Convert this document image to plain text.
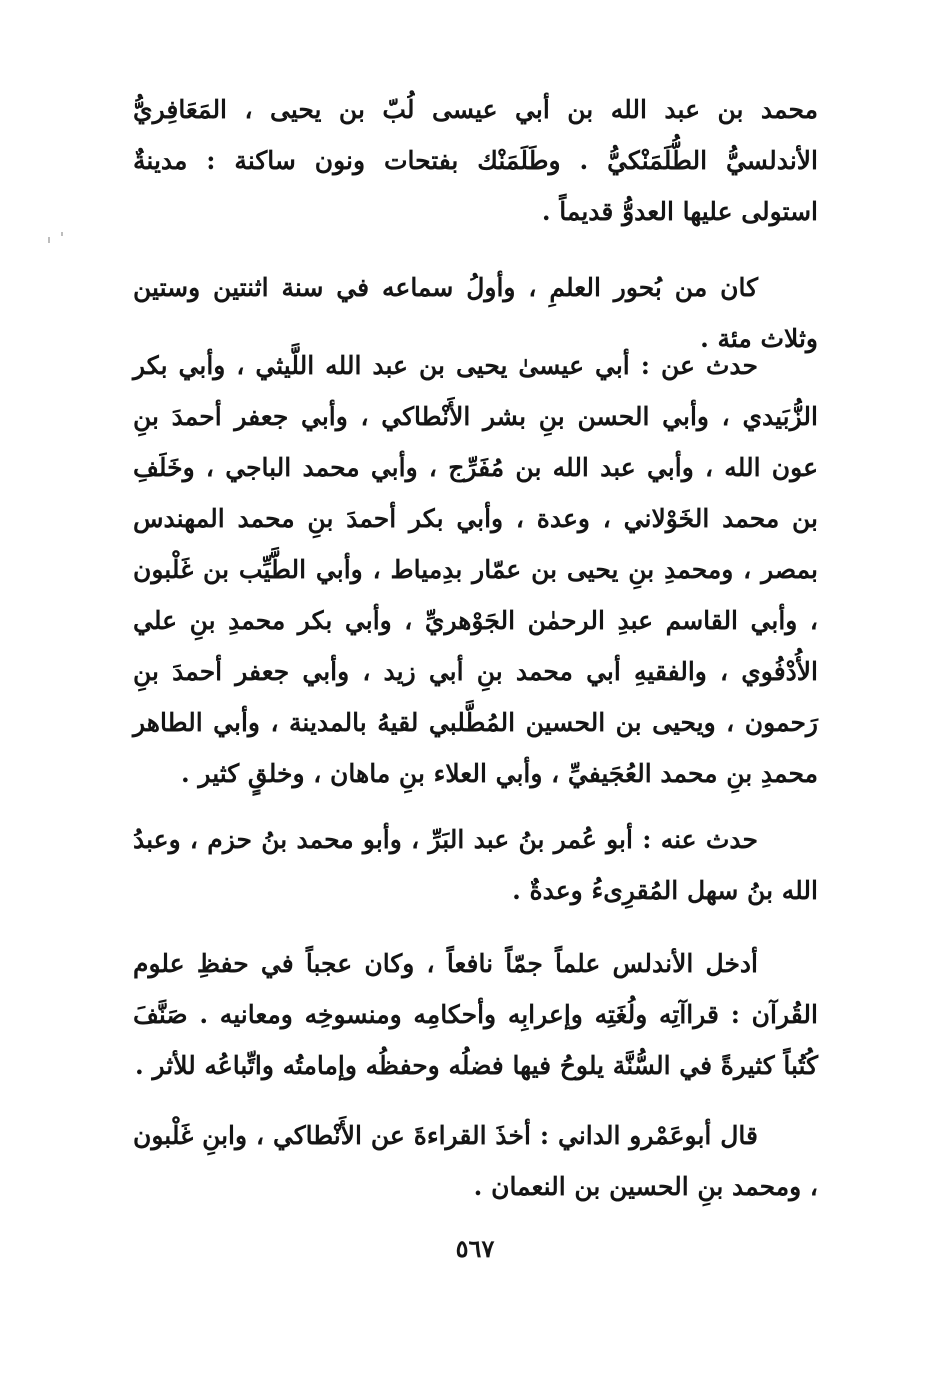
محمد بن عبد الله بن أبي عيسى لُبّ بن يحيى ، المَعَافِريُّ الأندلسيُّ الطُّلَمَنْكيُّ . وطَلَمَنْك بفتحات ونون ساكنة : مدينةٌ استولى عليها العدوُّ قديماً .

كان من بُحور العلمِ ، وأولُ سماعه في سنة اثنتين وستين وثلاث مئة .

حدث عن : أبي عيسىٰ يحيى بن عبد الله اللَّيثي ، وأبي بكر الزُّبَيدي ، وأبي الحسن بنِ بشر الأَنْطاكي ، وأبي جعفر أحمدَ بنِ عون الله ، وأبي عبد الله بن مُفَرِّج ، وأبي محمد الباجي ، وخَلَفِ بن محمد الخَوْلاني ، وعدة ، وأبي بكر أحمدَ بنِ محمد المهندس بمصر ، ومحمدِ بنِ يحيى بن عمّار بدِمياط ، وأبي الطَّيِّب بن غَلْبون ، وأبي القاسم عبدِ الرحمٰن الجَوْهريِّ ، وأبي بكر محمدِ بنِ علي الأُدْفُوي ، والفقيهِ أبي محمد بنِ أبي زيد ، وأبي جعفر أحمدَ بنِ رَحمون ، ويحيى بن الحسين المُطَّلبي لقيهُ بالمدينة ، وأبي الطاهر محمدِ بنِ محمد العُجَيفيِّ ، وأبي العلاء بنِ ماهان ، وخلقٍ كثير .

حدث عنه : أبو عُمر بنُ عبد البَرِّ ، وأبو محمد بنُ حزم ، وعبدُ الله بنُ سهل المُقرِىءُ وعدةٌ .

أدخل الأندلس علماً جمّاً نافعاً ، وكان عجباً في حفظِ علوم القُرآن : قراآتِه ولُغَتِه وإعرابِه وأحكامِه ومنسوخِه ومعانيه . صَنَّفَ كُتُباً كثيرةً في السُّنَّة يلوحُ فيها فضلُه وحفظُه وإمامتُه واتِّباعُه للأثر .

قال أبوعَمْرو الداني : أخذَ القراءةَ عن الأَنْطاكي ، وابنِ غَلْبون ، ومحمد بنِ الحسين بن النعمان .

٥٦٧
